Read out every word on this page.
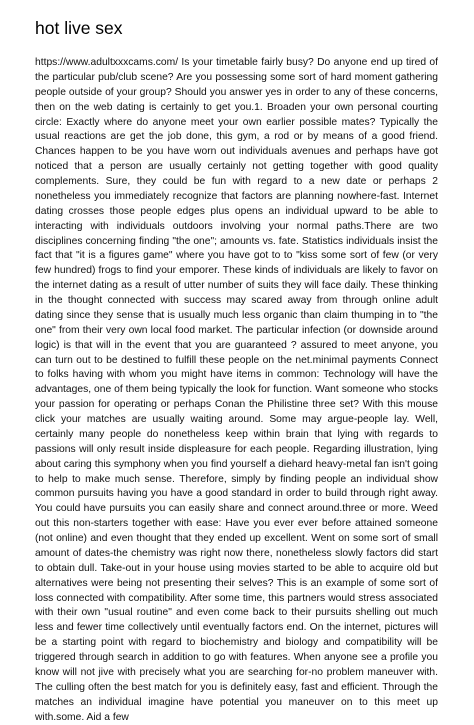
hot live sex

https://www.adultxxxcams.com/ Is your timetable fairly busy? Do anyone end up tired of the particular pub/club scene? Are you possessing some sort of hard moment gathering people outside of your group? Should you answer yes in order to any of these concerns, then on the web dating is certainly to get you.1. Broaden your own personal courting circle: Exactly where do anyone meet your own earlier possible mates? Typically the usual reactions are get the job done, this gym, a rod or by means of a good friend. Chances happen to be you have worn out individuals avenues and perhaps have got noticed that a person are usually certainly not getting together with good quality complements. Sure, they could be fun with regard to a new date or perhaps 2 nonetheless you immediately recognize that factors are planning nowhere-fast. Internet dating crosses those people edges plus opens an individual upward to be able to interacting with individuals outdoors involving your normal paths.There are two disciplines concerning finding "the one"; amounts vs. fate. Statistics individuals insist the fact that "it is a figures game" where you have got to to "kiss some sort of few (or very few hundred) frogs to find your emporer. These kinds of individuals are likely to favor on the internet dating as a result of utter number of suits they will face daily. These thinking in the thought connected with success may scared away from through online adult dating since they sense that is usually much less organic than claim thumping in to "the one" from their very own local food market. The particular infection (or downside around logic) is that will in the event that you are guaranteed ? assured to meet anyone, you can turn out to be destined to fulfill these people on the net.minimal payments Connect to folks having with whom you might have items in common: Technology will have the advantages, one of them being typically the look for function. Want someone who stocks your passion for operating or perhaps Conan the Philistine three set? With this mouse click your matches are usually waiting around. Some may argue-people lay. Well, certainly many people do nonetheless keep within brain that lying with regards to passions will only result inside displeasure for each people. Regarding illustration, lying about caring this symphony when you find yourself a diehard heavy-metal fan isn't going to help to make much sense. Therefore, simply by finding people an individual show common pursuits having you have a good standard in order to build through right away. You could have pursuits you can easily share and connect around.three or more. Weed out this non-starters together with ease: Have you ever ever before attained someone (not online) and even thought that they ended up excellent. Went on some sort of small amount of dates-the chemistry was right now there, nonetheless slowly factors did start to obtain dull. Take-out in your house using movies started to be able to acquire old but alternatives were being not presenting their selves? This is an example of some sort of loss connected with compatibility. After some time, this partners would stress associated with their own "usual routine" and even come back to their pursuits shelling out much less and fewer time collectively until eventually factors end. On the internet, pictures will be a starting point with regard to biochemistry and biology and compatibility will be triggered through search in addition to go with features. When anyone see a profile you know will not jive with precisely what you are searching for-no problem maneuver with. The culling often the best match for you is definitely easy, fast and efficient. Through the matches an individual imagine have potential you maneuver on to this meet up with.some. Aid a few
